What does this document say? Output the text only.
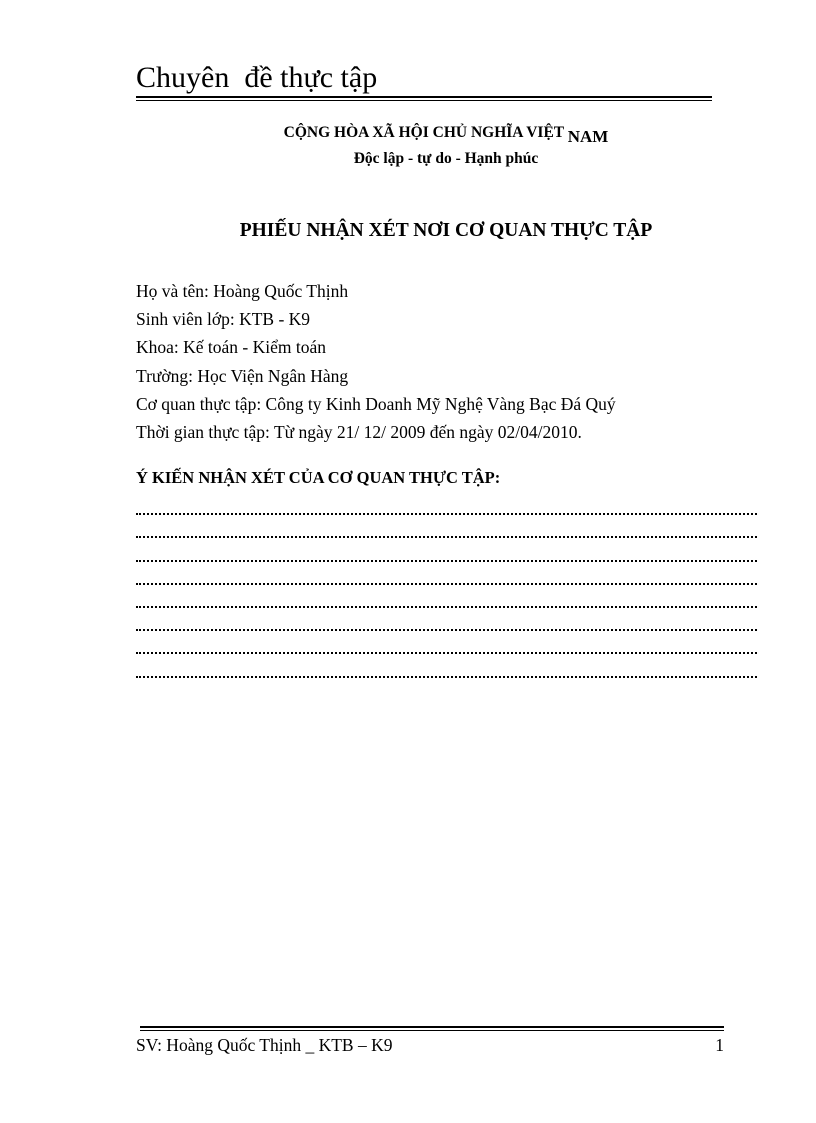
Chuyên  đề thực tập
CỘNG HÒA XÃ HỘI CHỦ NGHĨA VIỆT NAM
Độc lập - tự do - Hạnh phúc
PHIẾU NHẬN XÉT NƠI CƠ QUAN THỰC TẬP
Họ và tên: Hoàng Quốc Thịnh
Sinh viên lớp: KTB - K9
Khoa: Kế toán - Kiểm toán
Trường: Học Viện Ngân Hàng
Cơ quan thực tập: Công ty Kinh Doanh Mỹ Nghệ Vàng Bạc Đá Quý
Thời gian thực tập: Từ ngày 21/ 12/ 2009 đến ngày 02/04/2010.
Ý KIẾN NHẬN XÉT CỦA CƠ QUAN THỰC TẬP:
SV: Hoàng Quốc Thịnh _ KTB – K9	1
